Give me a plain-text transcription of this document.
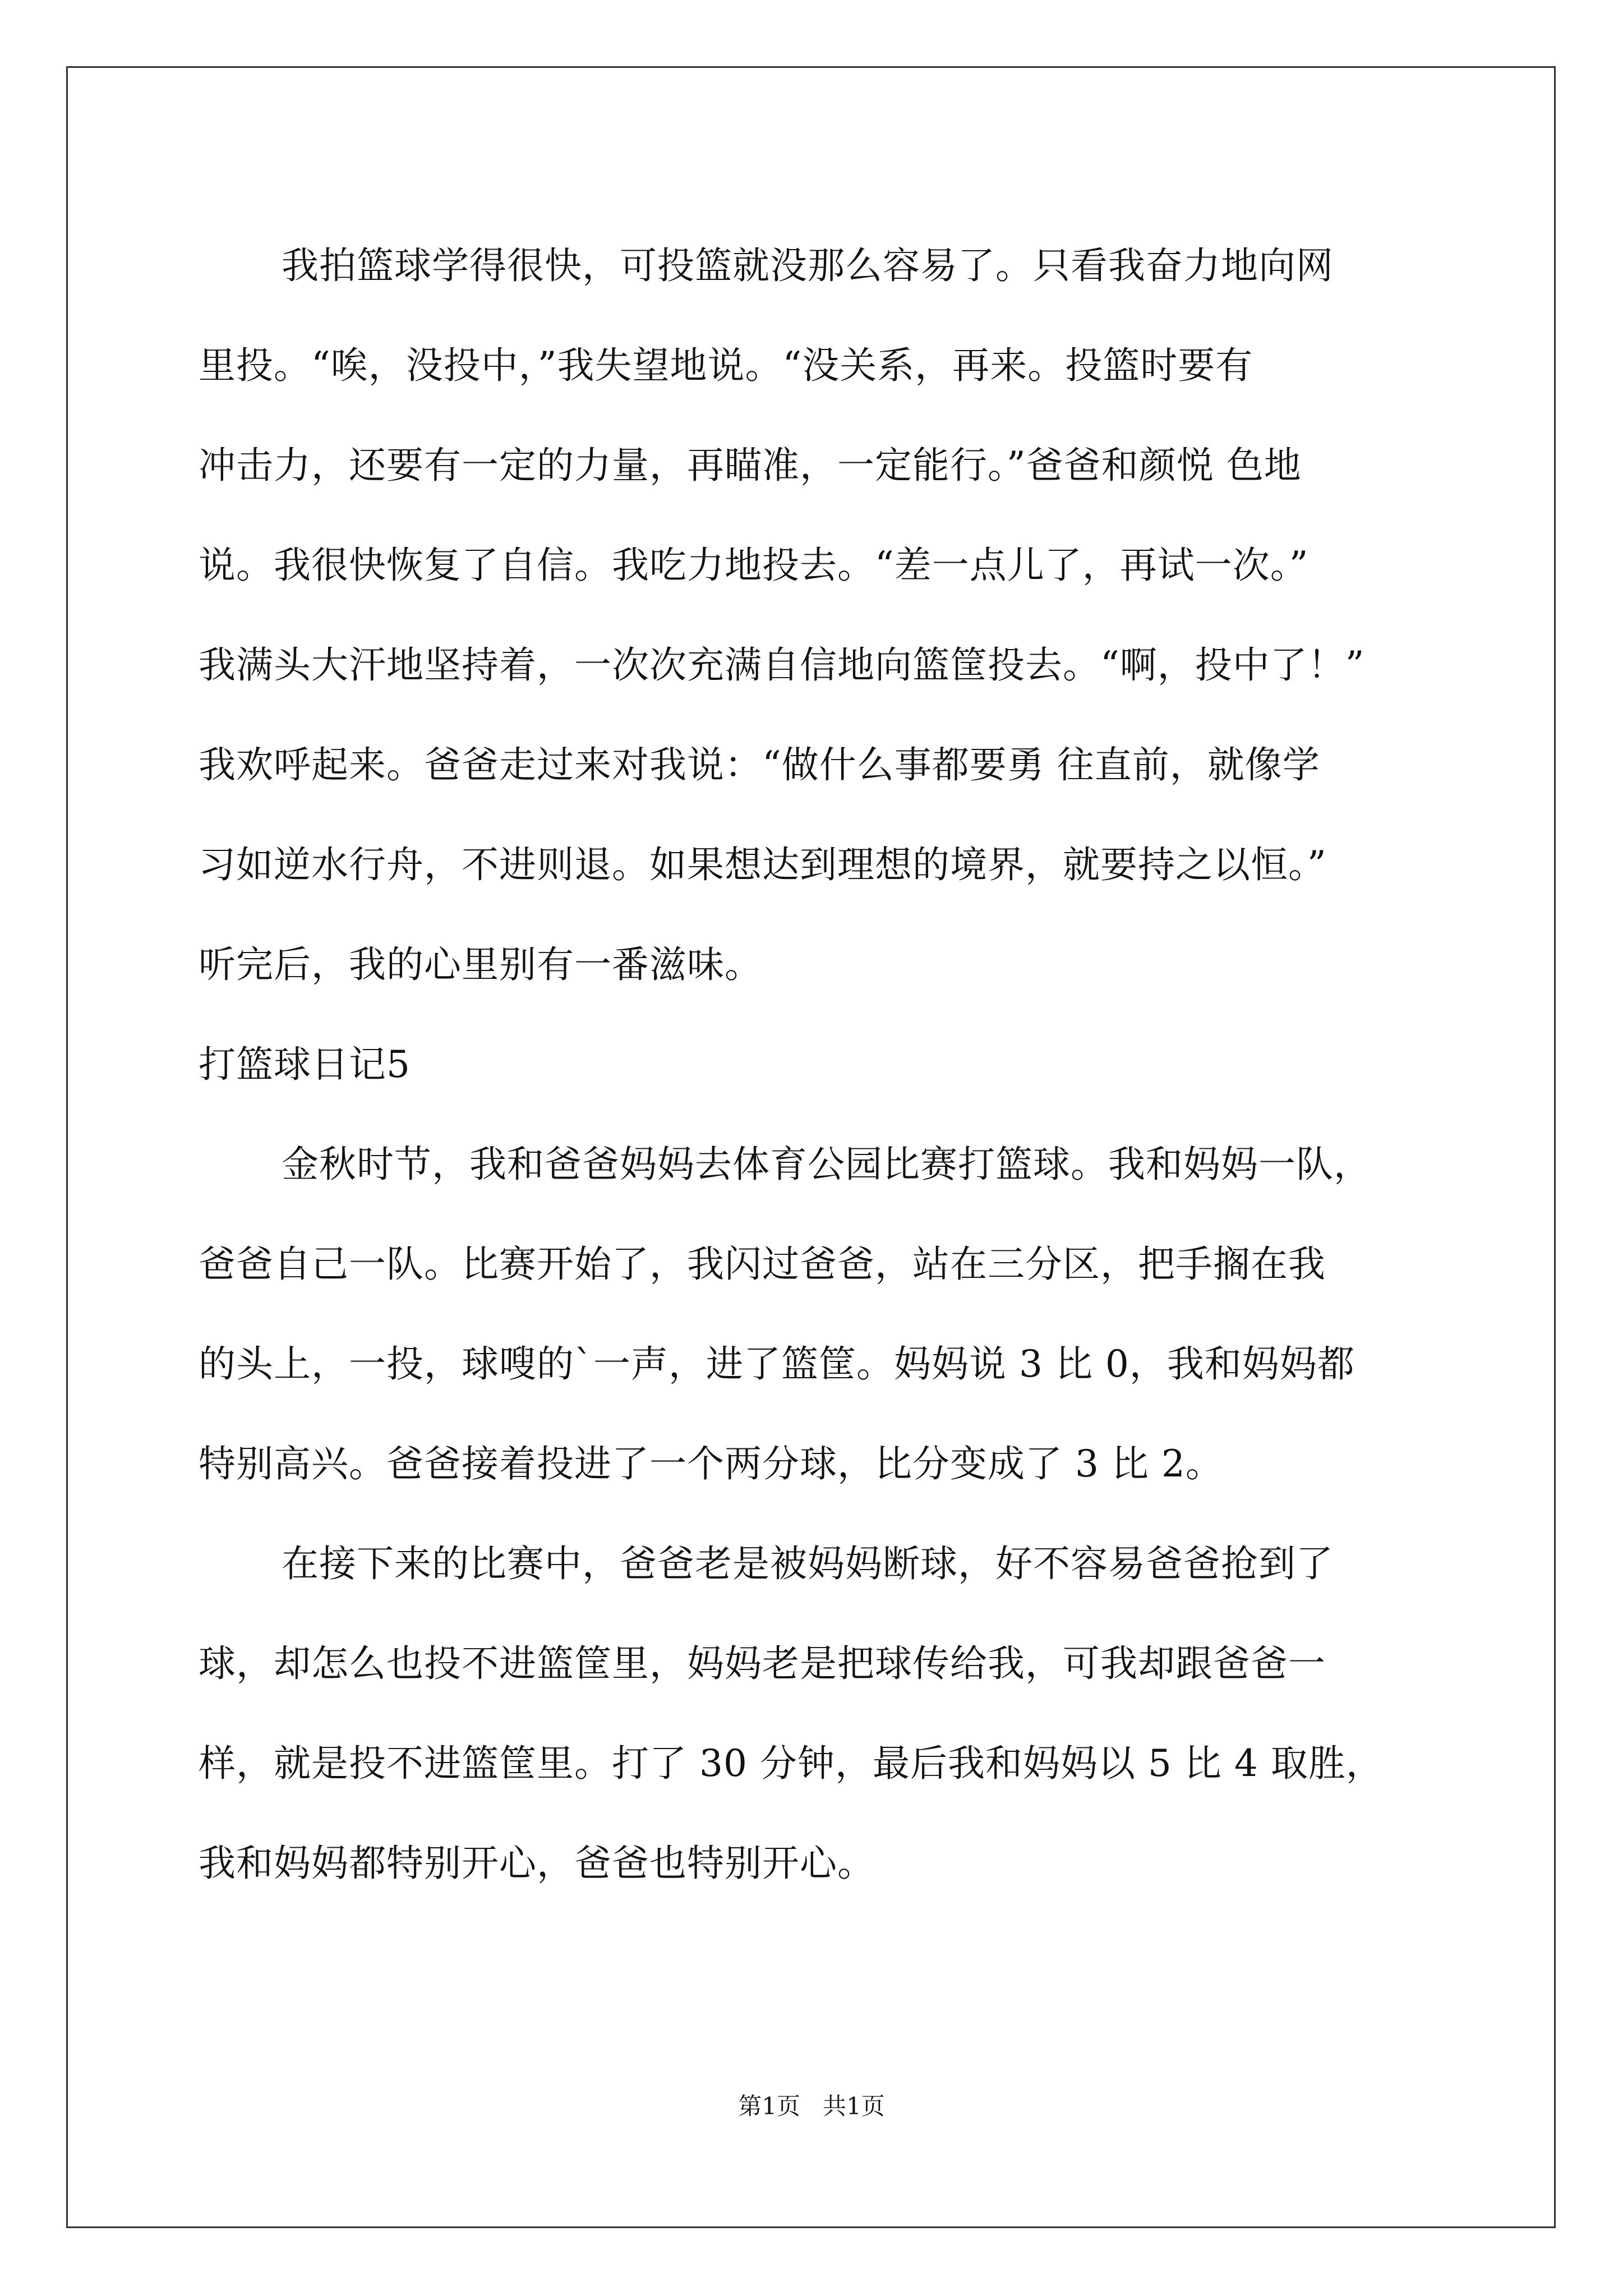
我拍篮球学得很快，可投篮就没那么容易了。只看我奋力地向网
里投。“唉，没投中，”我失望地说。“没关系，再来。投篮时要有
冲击力，还要有一定的力量，再瞄准，一定能行。”爸爸和颜悦 色地
说。我很快恢复了自信。我吃力地投去。“差一点儿了，再试一次。”
我满头大汗地坚持着，一次次充满自信地向篮筐投去。“啊，投中了！”
我欢呼起来。爸爸走过来对我说：“做什么事都要勇 往直前，就像学
习如逆水行舟，不进则退。如果想达到理想的境界，就要持之以恒。”
听完后，我的心里别有一番滋味。
打篮球日记5
金秋时节，我和爸爸妈妈去体育公园比赛打篮球。我和妈妈一队，
爸爸自己一队。比赛开始了，我闪过爸爸，站在三分区，把手搁在我
的头上，一投，球嗖的`一声，进了篮筐。妈妈说 3 比 0，我和妈妈都
特别高兴。爸爸接着投进了一个两分球，比分变成了 3 比 2。
在接下来的比赛中，爸爸老是被妈妈断球，好不容易爸爸抢到了
球，却怎么也投不进篮筐里，妈妈老是把球传给我，可我却跟爸爸一
样，就是投不进篮筐里。打了 30 分钟，最后我和妈妈以 5 比 4 取胜，
我和妈妈都特别开心，爸爸也特别开心。
第1页   共1页
